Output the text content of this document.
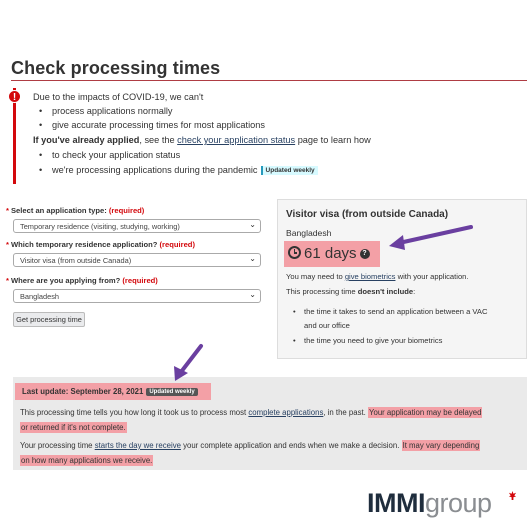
Check processing times
!	Due to the impacts of COVID-19, we can't
• process applications normally
• give accurate processing times for most applications
If you've already applied, see the check your application status page to learn how
• to check your application status
• we're processing applications during the pandemic Updated weekly
* Select an application type: (required)
Temporary residence (visiting, studying, working)	⌄
* Which temporary residence application? (required)
Visitor visa (from outside Canada)	⌄
* Where are you applying from? (required)
Bangladesh	⌄
Get processing time
Visitor visa (from outside Canada)
Bangladesh
61 days ?
You may need to give biometrics with your application.
This processing time doesn't include:
• the time it takes to send an application between a VAC
and our office
• the time you need to give your biometrics
Last update: September 28, 2021 Updated weekly
This processing time tells you how long it took us to process most complete applications, in the past. Your application may be delayed
or returned if it's not complete.
Your processing time starts the day we receive your complete application and ends when we make a decision. It may vary depending
on how many applications we receive.
IMMIgroup
